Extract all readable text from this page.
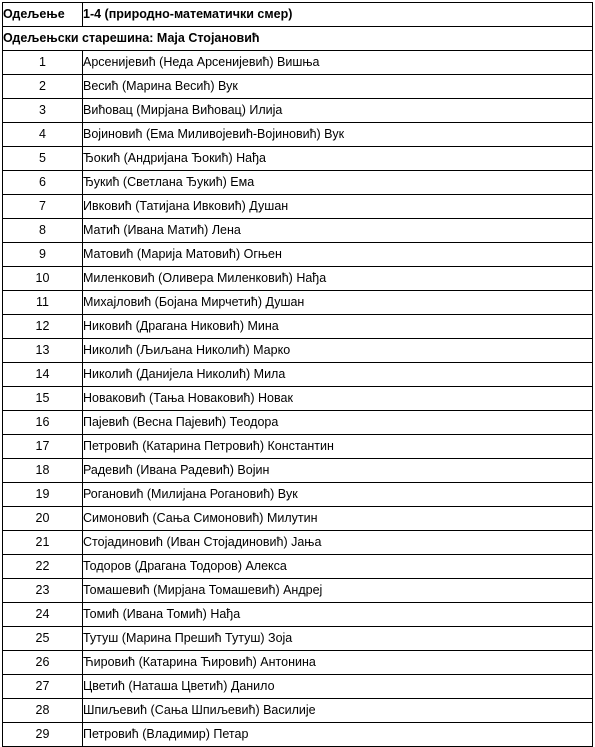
Одељење	1-4 (природно-математички смер)
Одељењски старешина: Маја Стојановић	
1	Арсенијевић (Неда Арсенијевић) Вишња
2	Весић (Марина Весић) Вук
3	Вићовац (Мирјана Вићовац) Илија
4	Војиновић (Ема Миливојевић-Војиновић) Вук
5	Ђокић (Андријана Ђокић) Нађа
6	Ђукић (Светлана Ђукић) Ема
7	Ивковић (Татијана Ивковић) Душан
8	Матић (Ивана Матић) Лена
9	Матовић (Марија Матовић) Огњен
10	Миленковић (Оливера Миленковић) Нађа
11	Михајловић (Бојана Мирчетић) Душан
12	Никовић (Драгана Никовић) Мина
13	Николић (Љиљана Николић) Марко
14	Николић (Данијела Николић) Мила
15	Новаковић (Тања Новаковић) Новак
16	Пајевић (Весна Пајевић) Теодора
17	Петровић (Катарина Петровић) Константин
18	Радевић (Ивана Радевић) Војин
19	Рогановић (Милијана Рогановић) Вук
20	Симоновић (Сања Симоновић) Милутин
21	Стојадиновић (Иван Стојадиновић) Јања
22	Тодоров (Драгана Тодоров) Алекса
23	Томашевић (Мирјана Томашевић) Андреј
24	Томић (Ивана Томић) Нађа
25	Тутуш (Марина Прешић Тутуш) Зоја
26	Ћировић (Катарина Ћировић) Антонина
27	Цветић (Наташа Цветић) Данило
28	Шпиљевић (Сања Шпиљевић) Василије
29	Петровић (Владимир) Петар
